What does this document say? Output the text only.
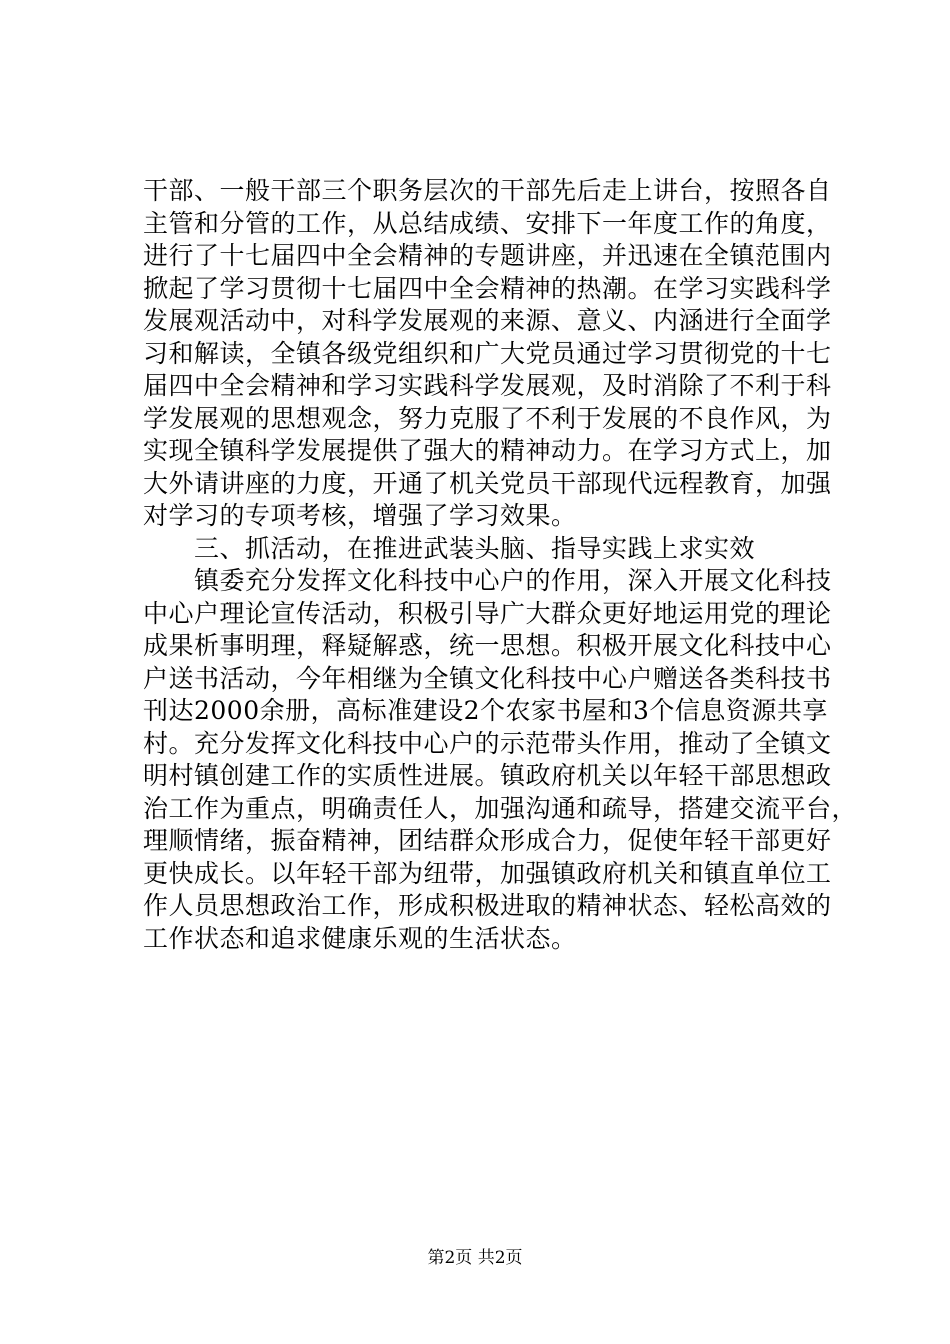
干部、一般干部三个职务层次的干部先后走上讲台，按照各自
主管和分管的工作，从总结成绩、安排下一年度工作的角度，
进行了十七届四中全会精神的专题讲座，并迅速在全镇范围内
掀起了学习贯彻十七届四中全会精神的热潮。在学习实践科学
发展观活动中，对科学发展观的来源、意义、内涵进行全面学
习和解读，全镇各级党组织和广大党员通过学习贯彻党的十七
届四中全会精神和学习实践科学发展观，及时消除了不利于科
学发展观的思想观念，努力克服了不利于发展的不良作风，为
实现全镇科学发展提供了强大的精神动力。在学习方式上，加
大外请讲座的力度，开通了机关党员干部现代远程教育，加强
对学习的专项考核，增强了学习效果。
　　三、抓活动，在推进武装头脑、指导实践上求实效
　　镇委充分发挥文化科技中心户的作用，深入开展文化科技
中心户理论宣传活动，积极引导广大群众更好地运用党的理论
成果析事明理，释疑解惑，统一思想。积极开展文化科技中心
户送书活动，今年相继为全镇文化科技中心户赠送各类科技书
刊达2000余册，高标准建设2个农家书屋和3个信息资源共享
村。充分发挥文化科技中心户的示范带头作用，推动了全镇文
明村镇创建工作的实质性进展。镇政府机关以年轻干部思想政
治工作为重点，明确责任人，加强沟通和疏导，搭建交流平台，
理顺情绪，振奋精神，团结群众形成合力，促使年轻干部更好
更快成长。以年轻干部为纽带，加强镇政府机关和镇直单位工
作人员思想政治工作，形成积极进取的精神状态、轻松高效的
工作状态和追求健康乐观的生活状态。
第2页 共2页
